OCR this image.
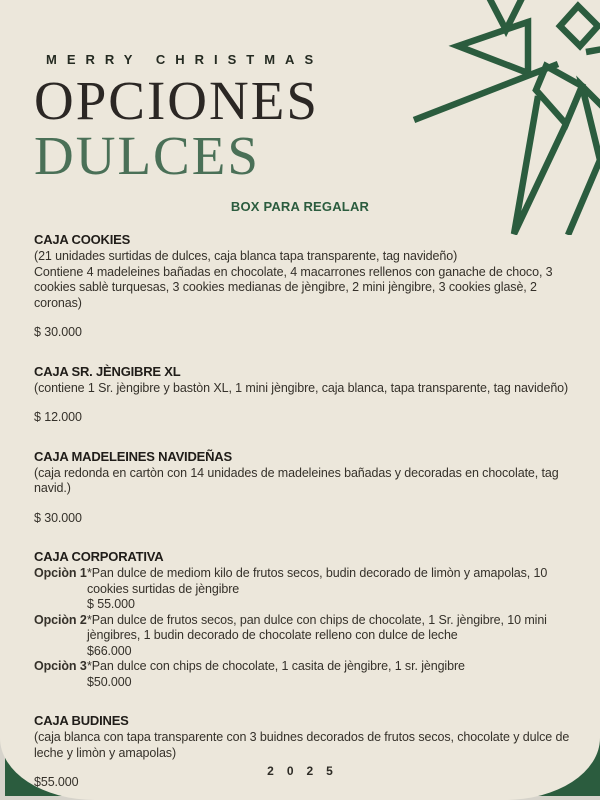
MERRY CHRISTMAS
OPCIONES
DULCES
BOX PARA REGALAR
CAJA COOKIES

(21 unidades surtidas de dulces, caja blanca tapa transparente, tag navideño)

Contiene 4 madeleines bañadas en chocolate, 4 macarrones rellenos con ganache de choco, 3 cookies sablè turquesas, 3 cookies medianas de jèngibre, 2 mini jèngibre, 3 cookies glasè, 2 coronas)

$ 30.000

CAJA SR. JÈNGIBRE XL

(contiene 1 Sr. jèngibre y bastòn XL, 1 mini jèngibre, caja blanca, tapa transparente, tag navideño)

$ 12.000

CAJA MADELEINES NAVIDEÑAS

(caja redonda en cartòn con 14 unidades de madeleines bañadas y decoradas en chocolate, tag navid.)

$ 30.000

CAJA CORPORATIVA
Opciòn 1 *Pan dulce de mediom kilo de frutos secos, budin decorado de limòn y amapolas, 10 cookies surtidas de jèngibre

$ 55.000

Opciòn 2 *Pan dulce de frutos secos, pan dulce con chips de chocolate, 1 Sr. jèngibre, 10 mini jèngibres, 1 budin decorado de chocolate relleno con dulce de leche

$66.000

Opciòn 3 *Pan dulce con chips de chocolate, 1 casita de jèngibre, 1 sr. jèngibre

$50.000

CAJA BUDINES

(caja blanca con tapa transparente con 3 buidnes decorados de frutos secos, chocolate y dulce de leche y limòn y amapolas)

$55.000

2025
